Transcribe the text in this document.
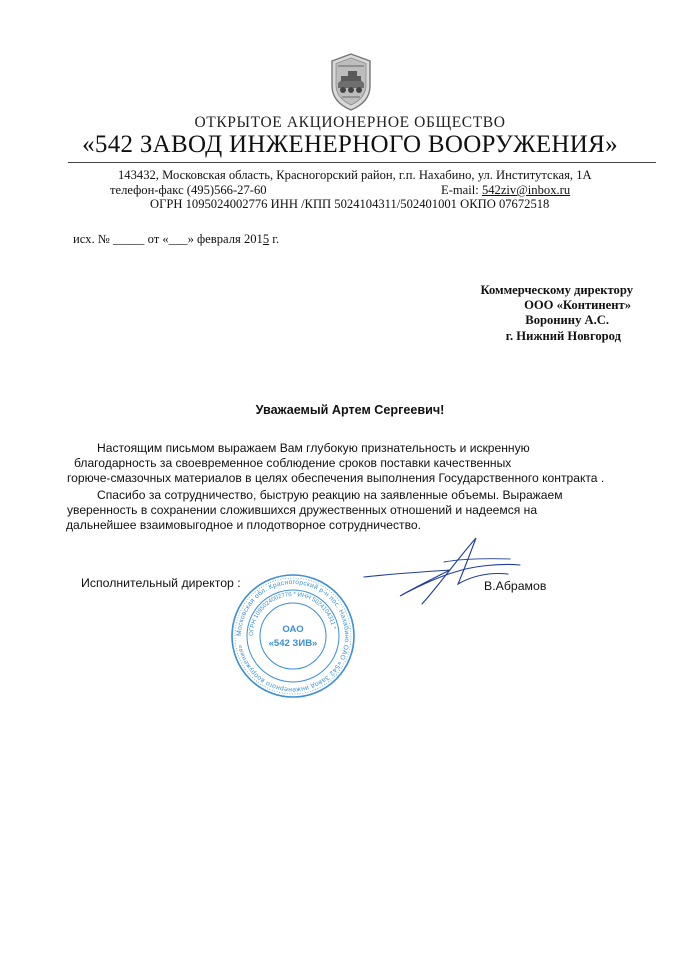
ОТКРЫТОЕ АКЦИОНЕРНОЕ ОБЩЕСТВО
«542 ЗАВОД ИНЖЕНЕРНОГО ВООРУЖЕНИЯ»
143432, Московская область, Красногорский район, г.п. Нахабино, ул. Институтская, 1А
телефон-факс (495)566-27-60	E-mail: 542ziv@inbox.ru
ОГРН 1095024002776 ИНН /КПП 5024104311/502401001 ОКПО 07672518
исх. № _____ от «___» февраля 2015 г.
Коммерческому директору
ООО «Континент»
Воронину А.С.
г. Нижний Новгород
Уважаемый Артем Сергеевич!
Настоящим письмом выражаем Вам глубокую признательность и искренную
благодарность за своевременное соблюдение сроков поставки качественных
горюче-смазочных материалов в целях обеспечения выполнения Государственного контракта .
Спасибо за сотрудничество, быструю реакцию на заявленные объемы. Выражаем
уверенность в сохранении сложившихся дружественных отношений и надеемся на
дальнейшее взаимовыгодное и плодотворное сотрудничество.
Исполнительный директор :	В.Абрамов
Московская обл. Красногорский р-н пос. Нахабино ОАО «542 Завод инженерного вооружения»
ОГРН 1095024002776 * ИНН 5024104311 *
ОАО
«542 ЗИВ»
